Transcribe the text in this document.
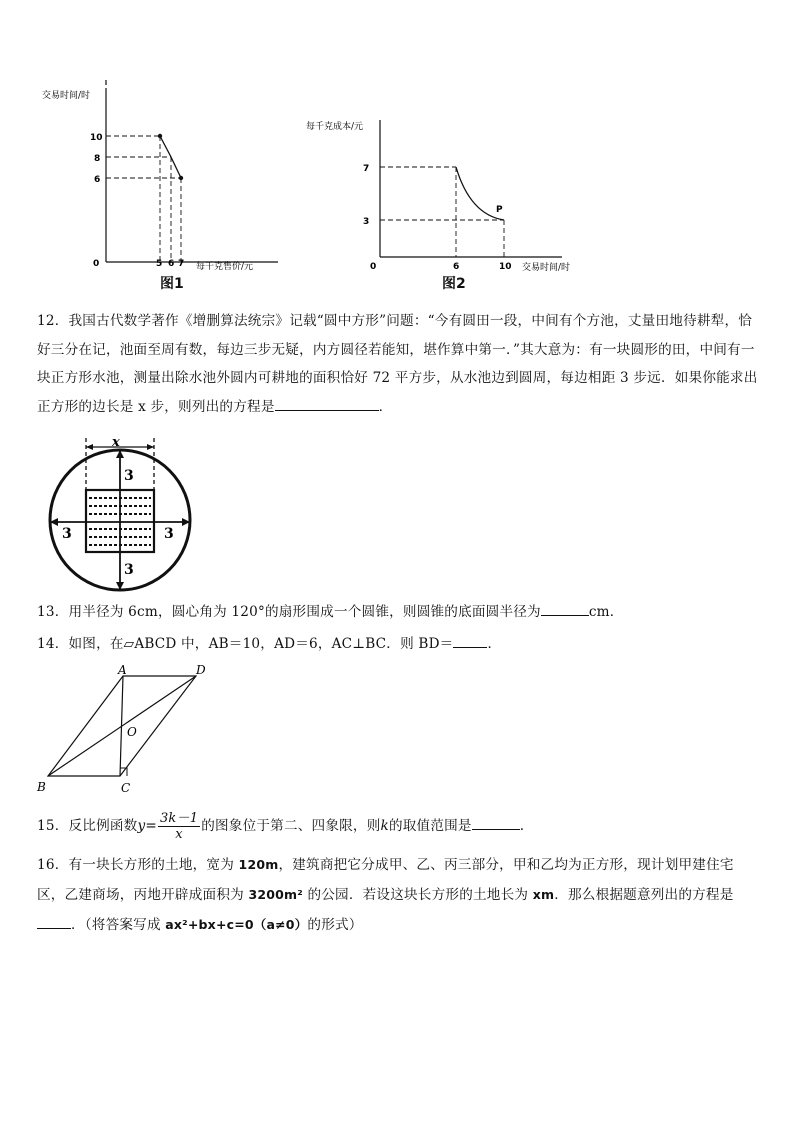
交易时间/时
10
8
6
0	5 6 7 每千克售价/元
图1
每千克成本/元
7
3
0	6	10
P
交易时间/时
图2
12．我国古代数学著作《增删算法统宗》记载“圆中方形”问题：“今有圆田一段，中间有个方池，丈量田地待耕犁，恰好三分在记，池面至周有数，每边三步无疑，内方圆径若能知，堪作算中第一．”其大意为：有一块圆形的田，中间有一块正方形水池，测量出除水池外圆内可耕地的面积恰好 72 平方步，从水池边到圆周，每边相距 3 步远．如果你能求出正方形的边长是 x 步，则列出的方程是	．
x
3
3	3
3
13．用半径为 6cm，圆心角为 120°的扇形围成一个圆锥，则圆锥的底面圆半径为	cm．
14．如图，在▱ABCD 中，AB＝10，AD＝6，AC⊥BC．则 BD＝	．
A	D
O
B	C
15．反比例函数$y= \frac{3k-1}{x}$ 的图象位于第二、四象限，则k的取值范围是	.
16．有一块长方形的土地，宽为 120m，建筑商把它分成甲、乙、丙三部分，甲和乙均为正方形，现计划甲建住宅区，乙建商场，丙地开辟成面积为 3200m² 的公园．若设这块长方形的土地长为 xm．那么根据题意列出的方程是．（将答案写成 ax²+bx+c=0（a≠0）的形式）
